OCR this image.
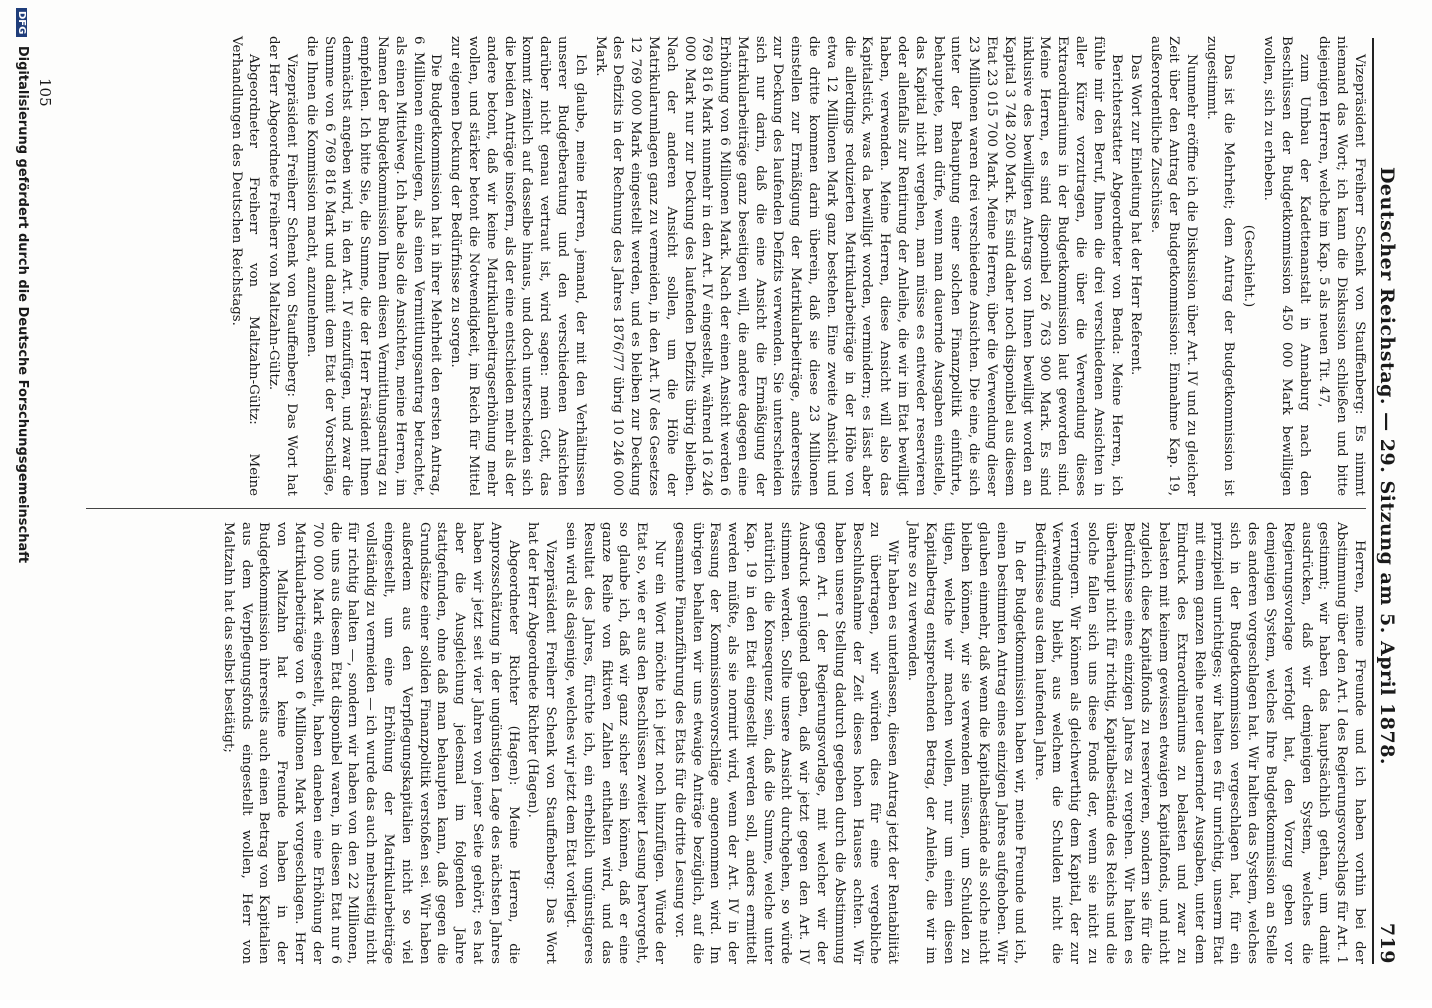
Deutscher Reichstag. — 29. Sitzung am 5. April 1878.
719

Vizepräsident Freiherr Schenk von Stauffenberg: Es nimmt niemand das Wort; ich kann die Diskussion schließen und bitte diejenigen Herren, welche im Kap. 5 als neuen Tit. 47,

zum Umbau der Kadettenanstalt in Annaburg nach den Beschlüssen der Budgetkommission 450 000 Mark bewilligen wollen, sich zu erheben.

(Geschieht.)

Das ist die Mehrheit; dem Antrag der Budgetkommission ist zugestimmt.

Nunmehr eröffne ich die Diskussion über Art. IV und zu gleicher Zeit über den Antrag der Budgetkommission: Einnahme Kap. 19, außerordentliche Zuschüsse.

Das Wort zur Einleitung hat der Herr Referent.

Berichterstatter Abgeordneter von Benda: Meine Herren, ich fühle mir den Beruf, Ihnen die drei verschiedenen Ansichten in aller Kürze vorzutragen, die über die Verwendung dieses Extraordinariums in der Budgetkommission laut geworden sind. Meine Herren, es sind disponibel 26 763 900 Mark. Es sind inklusive des bewilligten Antrags von Ihnen bewilligt worden an Kapital 3 748 200 Mark. Es sind daher noch disponibel aus diesem Etat 23 015 700 Mark. Meine Herren, über die Verwendung dieser 23 Millionen waren drei verschiedene Ansichten. Die eine, die sich unter der Behauptung einer solchen Finanzpolitik einführte, behauptete, man dürfe, wenn man dauernde Ausgaben einstelle, das Kapital nicht vergehen, man müsse es entweder reservieren oder allenfalls zur Rentirung der Anleihe, die wir im Etat bewilligt haben, verwenden. Meine Herren, diese Ansicht will also das Kapitalstück, was da bewilligt worden, vermindern; es lässt aber die allerdings reduzierten Matrikularbeiträge in der Höhe von etwa 12 Millionen Mark ganz bestehen. Eine zweite Ansicht und die dritte kommen darin überein, daß sie diese 23 Millionen einstellen zur Ermäßigung der Matrikularbeiträge, andererseits zur Deckung des laufenden Defizits verwenden. Sie unterscheiden sich nur darin, daß die eine Ansicht die Ermäßigung der Matrikularbeiträge ganz beseitigen will, die andere dagegen eine Erhöhung von 6 Millionen Mark. Nach der einen Ansicht werden 6 769 816 Mark nunmehr in den Art. IV eingestellt, während 16 246 000 Mark nur zur Deckung des laufenden Defizits übrig bleiben. Nach der anderen Ansicht sollen, um die Höhe der Matrikularumlagen ganz zu vermeiden, in den Art. IV des Gesetzes 12 769 000 Mark eingestellt werden, und es bleiben zur Deckung des Defizits in der Rechnung des Jahres 1876/77 übrig 10 246 000 Mark.

Ich glaube, meine Herren, jemand, der mit den Verhältnissen unserer Budgetberatung und den verschiedenen Ansichten darüber nicht genau vertraut ist, wird sagen: mein Gott, das kommt ziemlich auf dasselbe hinaus, und doch unterscheiden sich die beiden Anträge insofern, als der eine entschieden mehr als der andere betont, daß wir keine Matrikularbeitragserhöhung mehr wollen, und stärker betont die Notwendigkeit, im Reich für Mittel zur eigenen Deckung der Bedürfnisse zu sorgen.

Die Budgetkommission hat in ihrer Mehrheit den ersten Antrag, 6 Millionen einzulegen, als einen Vermittlungsantrag betrachtet, als einen Mittelweg. Ich habe also die Ansichten, meine Herren, im Namen der Budgetkommission Ihnen diesen Vermittlungsantrag zu empfehlen. Ich bitte Sie, die Summe, die der Herr Präsident Ihnen demnächst angeben wird, in den Art. IV einzufügen, und zwar die Summe von 6 769 816 Mark und damit dem Etat der Vorschläge, die Ihnen die Kommission macht, anzunehmen.

Vizepräsident Freiherr Schenk von Stauffenberg: Das Wort hat der Herr Abgeordnete Freiherr von Maltzahn-Gültz.

Abgeordneter Freiherr von Maltzahn-Gültz: Meine Verhandlungen des Deutschen Reichstags.

Herren, meine Freunde und ich haben vorhin bei der Abstimmung über den Art. I des Regierungsvorschlags für Art. 1 gestimmt; wir haben das hauptsächlich gethan, um damit ausdrücken, daß wir demjenigen System, welches die Regierungsvorlage verfolgt hat, den Vorzug geben vor demjenigen System, welches Ihre Budgetkommission an Stelle des anderen vorgeschlagen hat. Wir halten das System, welches sich in der Budgetkommission vergeschlagen hat, für ein prinzipiell unrichtiges; wir halten es für unrichtig, unserm Etat mit einem ganzen Reihe neuer dauernder Ausgaben, unter dem Eindruck des Extraordinariums zu belasten und zwar zu belasten mit keinem gewissen etwaigen Kapitalfonds, und nicht zugleich diese Kapitalfonds zu reservieren, sondern sie für die Bedürfnisse eines einzigen Jahres zu vergehen. Wir halten es überhaupt nicht für richtig, Kapitalbestände des Reichs und die solche fallen sich uns diese Fonds der, wenn sie nicht zu verringern. Wir können als gleichwerthig dem Kapital, der zur Verwendung bleibt, aus welchem die Schulden nicht die Bedürfnisse aus dem laufenden Jahre.

In der Budgetkommission haben wir, meine Freunde und ich, einen bestimmten Antrag eines einzigen Jahres aufgehoben. Wir glauben einmehr, daß wenn die Kapitalbestände als solche nicht bleiben können, wir sie verwenden müssen, um Schulden zu tilgen, welche wir machen wollen, nur um einen diesen Kapitalbetrag entsprechenden Betrag, der Anleihe, die wir im Jahre so zu verwenden.

Wir haben es unterlassen, diesen Antrag jetzt der Rentabilität zu übertragen, wir würden dies für eine vergebliche Beschlußnahme der Zeit dieses hohen Hauses achten. Wir haben unsere Stellung dadurch gegeben durch die Abstimmung gegen Art. I der Regierungsvorlage, mit welcher wir der Ausdruck genügend gaben, daß wir jetzt gegen den Art. IV stimmen werden. Sollte unsere Ansicht durchgehen, so würde natürlich die Konsequenz sein, daß die Summe, welche unter Kap. 19 in den Etat eingestellt werden soll, anders ermittelt werden müßte, als sie normirt wird, wenn der Art. IV in der Fassung der Kommissionsvorschläge angenommen wird. Im übrigen behalten wir uns etwaige Anträge bezüglich, auf die gesammte Finanzführung des Etats für die dritte Lesung vor.

Nur ein Wort möchte ich jetzt noch hinzufügen. Würde der Etat so, wie er aus den Beschlüssen zweiter Lesung hervorgeht, so glaube ich, daß wir ganz sicher sein können, daß er eine ganze Reihe von fiktiven Zahlen enthalten wird, und das Resultat des Jahres, fürchte ich, ein erheblich ungünstigeres sein wird als dasjenige, welches wir jetzt dem Etat vorliegt.

Vizepräsident Freiherr Schenk von Stauffenberg: Das Wort hat der Herr Abgeordnete Richter (Hagen).

Abgeordneter Richter (Hagen): Meine Herren, die Anprozsschätzung in der ungünstigen Lage des nächsten Jahres haben wir jetzt seit vier Jahren von jener Seite gehört; es hat aber die Ausgleichung jedesmal im folgenden Jahre stattgefunden, ohne daß man behaupten kann, daß gegen die Grundsätze einer soliden Finanzpolitik verstoßen sei. Wir haben außerdem aus den Verpflegungskapitalien nicht so viel eingestellt, um eine Erhöhung der Matrikularbeiträge vollständig zu vermeiden — ich wurde das auch mehrseitig nicht für richtig halten —, sondern wir haben von den 22 Millionen, die uns aus diesem Etat disponibel waren, in diesen Etat nur 6 700 000 Mark eingestellt, haben daneben eine Erhöhung der Matrikularbeiträge von 6 Millionen Mark vorgeschlagen. Herr von Maltzahn hat keine Freunde haben in der Budgetkommission ihrerseits auch einen Betrag von Kapitalien aus dem Verpflegungsfonds eingestellt wollen, Herr von Maltzahn hat das selbst bestätigt;

105
DFG Digitalisierung gefördert durch die Deutsche Forschungsgemeinschaft
